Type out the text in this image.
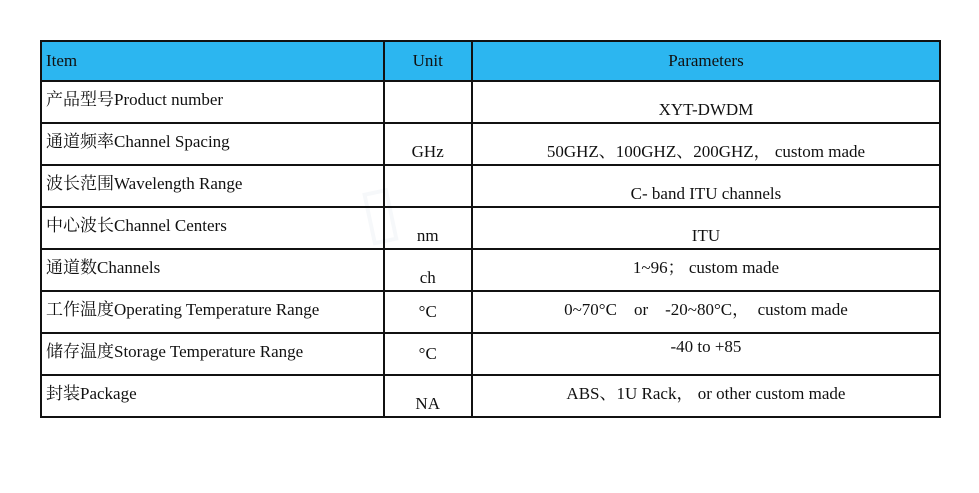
▯
Item	Unit	Parameters
产品型号Product number		XYT-DWDM
通道频率Channel Spacing	GHz	50GHZ、100GHZ、200GHZ， custom made
波长范围Wavelength Range		C- band ITU channels
中心波长Channel Centers	nm	ITU
通道数Channels	ch	1~96； custom made
工作温度Operating Temperature Range	°C	0~70°C    or    -20~80°C，  custom made
储存温度Storage Temperature Range	°C	-40 to +85
封装Package	NA	ABS、1U Rack， or other custom made
